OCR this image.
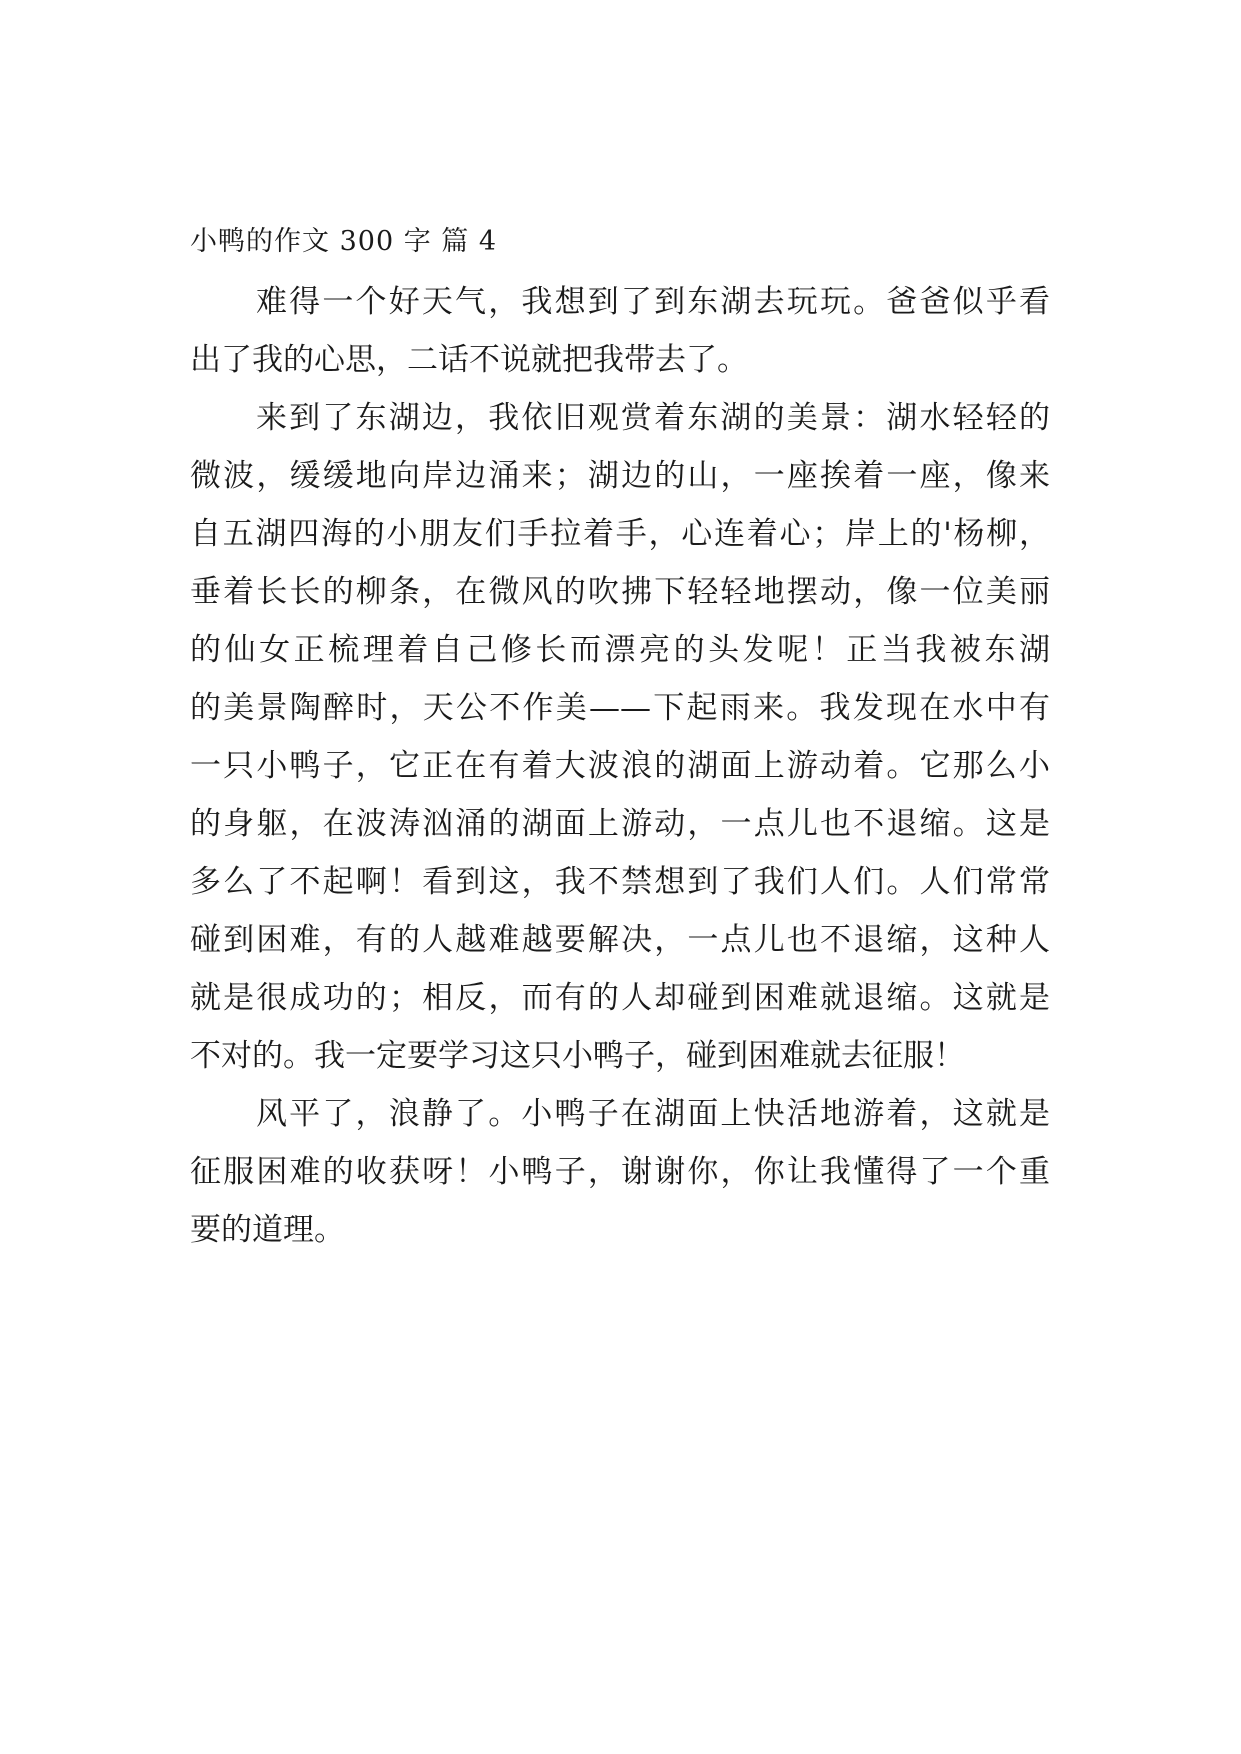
小鸭的作文 300 字 篇 4
难得一个好天气，我想到了到东湖去玩玩。爸爸似乎看
出了我的心思，二话不说就把我带去了。
来到了东湖边，我依旧观赏着东湖的美景：湖水轻轻的
微波，缓缓地向岸边涌来；湖边的山，一座挨着一座，像来
自五湖四海的小朋友们手拉着手，心连着心；岸上的'杨柳，
垂着长长的柳条，在微风的吹拂下轻轻地摆动，像一位美丽
的仙女正梳理着自己修长而漂亮的头发呢！正当我被东湖
的美景陶醉时，天公不作美——下起雨来。我发现在水中有
一只小鸭子，它正在有着大波浪的湖面上游动着。它那么小
的身躯，在波涛汹涌的湖面上游动，一点儿也不退缩。这是
多么了不起啊！看到这，我不禁想到了我们人们。人们常常
碰到困难，有的人越难越要解决，一点儿也不退缩，这种人
就是很成功的；相反，而有的人却碰到困难就退缩。这就是
不对的。我一定要学习这只小鸭子，碰到困难就去征服！
风平了，浪静了。小鸭子在湖面上快活地游着，这就是
征服困难的收获呀！小鸭子，谢谢你，你让我懂得了一个重
要的道理。
